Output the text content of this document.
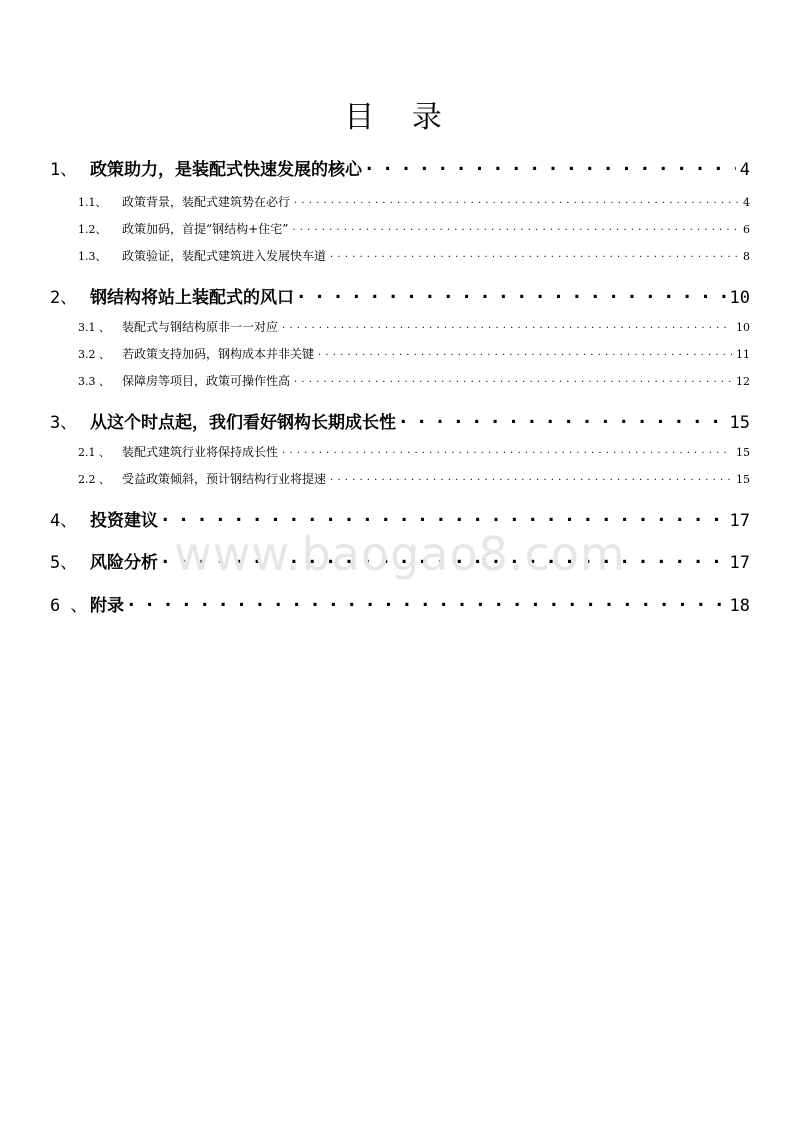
目 录
1、 政策助力，是装配式快速发展的核心 . . .	4
1.1、	政策背景，装配式建筑势在必行 . . .	4
1.2、	政策加码，首提“钢结构+住宅” . . .	6
1.3、	政策验证，装配式建筑进入发展快车道 . . .	8
2、 钢结构将站上装配式的风口 . . .	10
3.1 、	装配式与钢结构原非一一对应 . . .	10
3.2 、	若政策支持加码，钢构成本并非关键 . . .	11
3.3 、	保障房等项目，政策可操作性高 . . .	12
3、 从这个时点起，我们看好钢构长期成长性 . . .	15
2.1 、	装配式建筑行业将保持成长性 . . .	15
2.2 、	受益政策倾斜，预计钢结构行业将提速 . . .	15
4、 投资建议 . . .	17
5、 风险分析 . . .	17
6 、 附录 . . .	18
www.baogao8.com
